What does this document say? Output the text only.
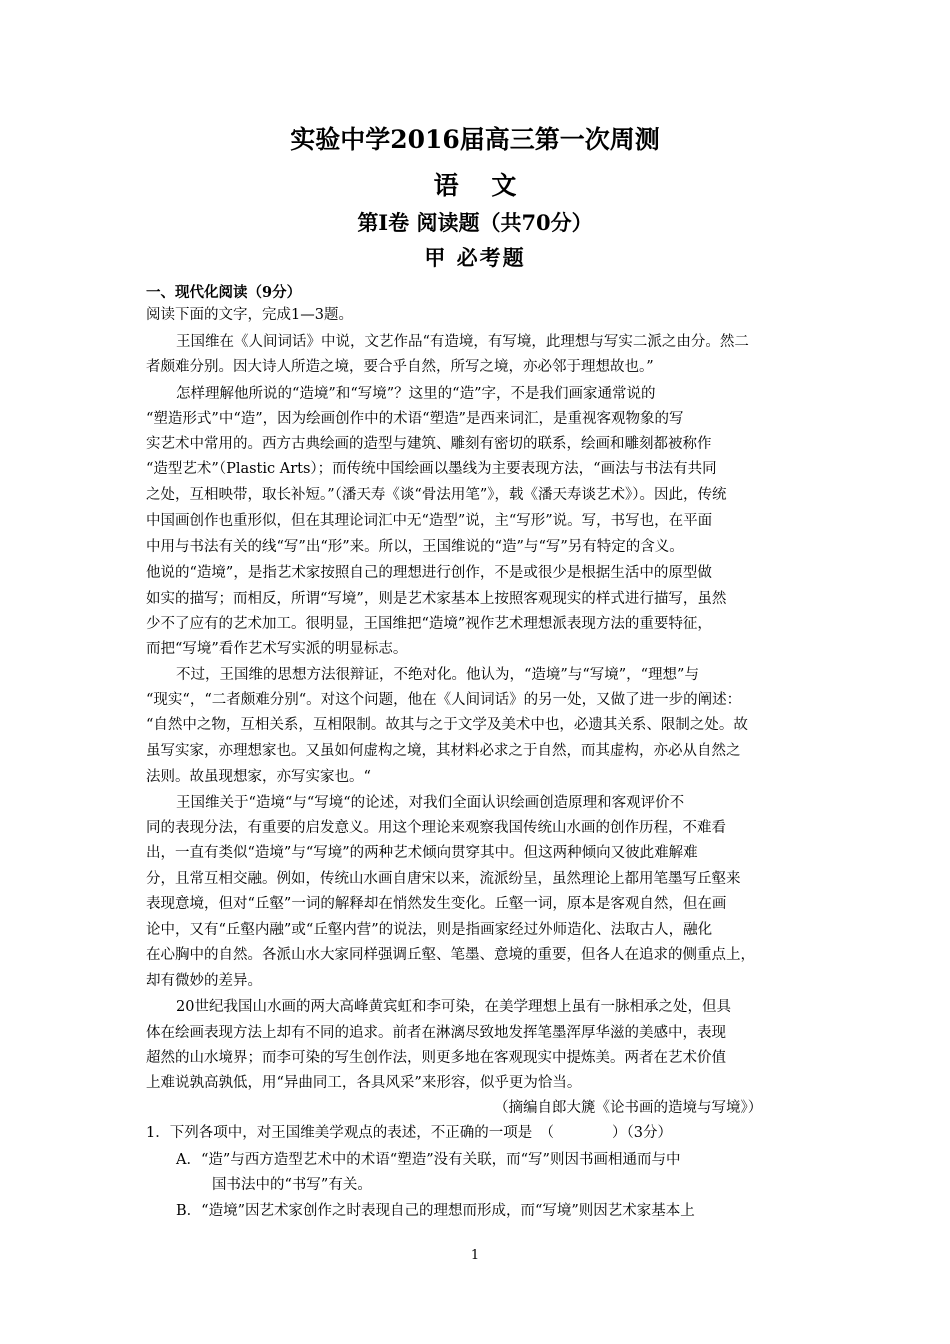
实验中学2016届高三第一次周测
语 文
第Ⅰ卷 阅读题（共70分）
甲 必考题
一、现代化阅读（9分）
阅读下面的文字，完成1—3题。
王国维在《人间词话》中说，文艺作品“有造境，有写境，此理想与写实二派之由分。然二
者颇难分别。因大诗人所造之境，要合乎自然，所写之境，亦必邻于理想故也。”
怎样理解他所说的“造境”和“写境”？这里的“造”字，不是我们画家通常说的
“塑造形式”中“造”，因为绘画创作中的术语“塑造”是西来词汇，是重视客观物象的写
实艺术中常用的。西方古典绘画的造型与建筑、雕刻有密切的联系，绘画和雕刻都被称作
“造型艺术”（Plastic Arts）；而传统中国绘画以墨线为主要表现方法，“画法与书法有共同
之处，互相映带，取长补短。”（潘天寿《谈“骨法用笔”》，载《潘天寿谈艺术》）。因此，传统
中国画创作也重形似，但在其理论词汇中无“造型”说，主“写形”说。写，书写也，在平面
中用与书法有关的线“写”出“形”来。所以，王国维说的“造”与“写”另有特定的含义。
他说的“造境”，是指艺术家按照自己的理想进行创作，不是或很少是根据生活中的原型做
如实的描写；而相反，所谓“写境”，则是艺术家基本上按照客观现实的样式进行描写，虽然
少不了应有的艺术加工。很明显，王国维把“造境”视作艺术理想派表现方法的重要特征，
而把“写境”看作艺术写实派的明显标志。
不过，王国维的思想方法很辩证，不绝对化。他认为，“造境”与“写境”，“理想”与
“现实“，“二者颇难分别“。对这个问题，他在《人间词话》的另一处，又做了进一步的阐述：
“自然中之物，互相关系，互相限制。故其与之于文学及美术中也，必遗其关系、限制之处。故
虽写实家，亦理想家也。又虽如何虚构之境，其材料必求之于自然，而其虚构，亦必从自然之
法则。故虽现想家，亦写实家也。“
王国维关于“造境“与“写境“的论述，对我们全面认识绘画创造原理和客观评价不
同的表现分法，有重要的启发意义。用这个理论来观察我国传统山水画的创作历程，不难看
出，一直有类似“造境”与“写境”的两种艺术倾向贯穿其中。但这两种倾向又彼此难解难
分，且常互相交融。例如，传统山水画自唐宋以来，流派纷呈，虽然理论上都用笔墨写丘壑来
表现意境，但对“丘壑”一词的解释却在悄然发生变化。丘壑一词，原本是客观自然，但在画
论中，又有“丘壑内融”或“丘壑内营”的说法，则是指画家经过外师造化、法取古人，融化
在心胸中的自然。各派山水大家同样强调丘壑、笔墨、意境的重要，但各人在追求的侧重点上，
却有微妙的差异。
20世纪我国山水画的两大高峰黄宾虹和李可染，在美学理想上虽有一脉相承之处，但具
体在绘画表现方法上却有不同的追求。前者在淋漓尽致地发挥笔墨浑厚华滋的美感中，表现
超然的山水境界；而李可染的写生创作法，则更多地在客观现实中提炼美。两者在艺术价值
上难说孰高孰低，用“异曲同工，各具风采”来形容，似乎更为恰当。
（摘编自郎大篪《论书画的造境与写境》）
1．下列各项中，对王国维美学观点的表述，不正确的一项是　（　　　　）（3分）
A．“造”与西方造型艺术中的术语“塑造”没有关联，而“写”则因书画相通而与中
国书法中的“书写”有关。
B．“造境”因艺术家创作之时表现自己的理想而形成，而“写境”则因艺术家基本上
1
